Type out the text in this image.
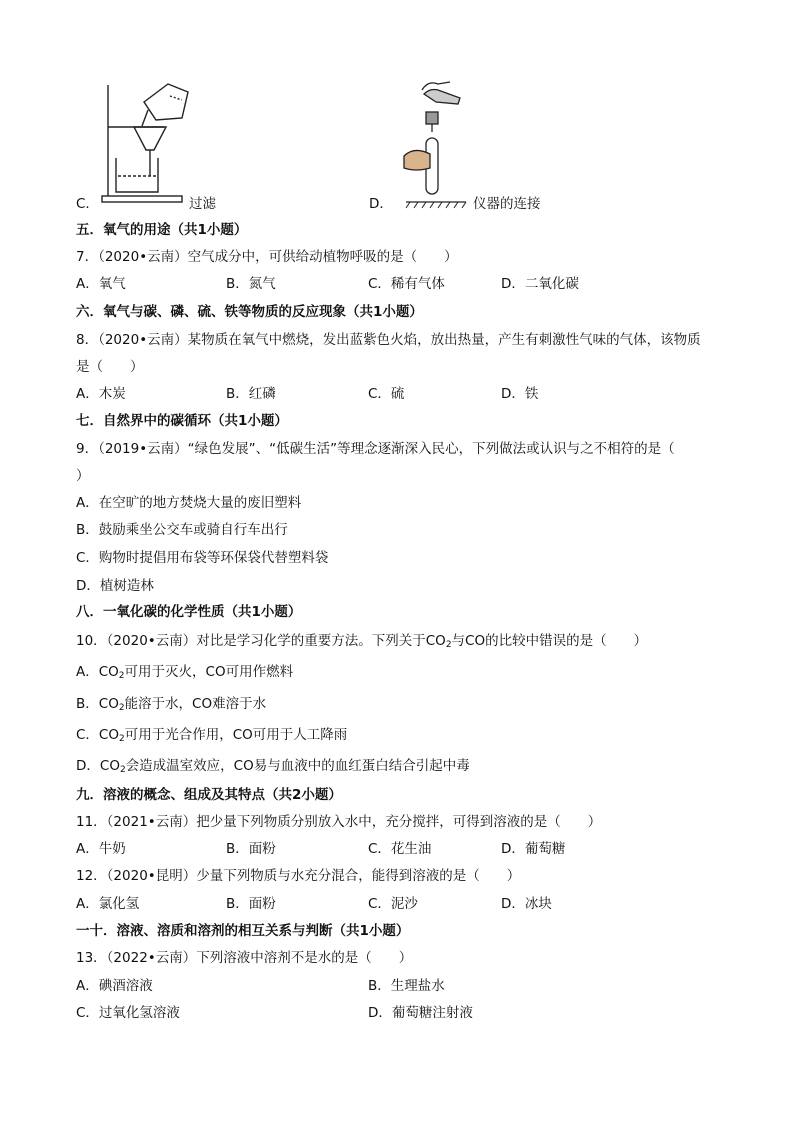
C．	过滤	D．	仪器的连接
五．氧气的用途（共1小题）
7．（2020•云南）空气成分中，可供给动植物呼吸的是（　　）
A．氧气	B．氮气	C．稀有气体	D．二氧化碳
六．氧气与碳、磷、硫、铁等物质的反应现象（共1小题）
8．（2020•云南）某物质在氧气中燃烧，发出蓝紫色火焰，放出热量，产生有刺激性气味的气体，该物质
是（　　）
A．木炭	B．红磷	C．硫	D．铁
七．自然界中的碳循环（共1小题）
9．（2019•云南）“绿色发展”、“低碳生活”等理念逐渐深入民心，下列做法或认识与之不相符的是（
）
A．在空旷的地方焚烧大量的废旧塑料
B．鼓励乘坐公交车或骑自行车出行
C．购物时提倡用布袋等环保袋代替塑料袋
D．植树造林
八．一氧化碳的化学性质（共1小题）
10．（2020•云南）对比是学习化学的重要方法。下列关于$CO_2$与CO的比较中错误的是（　　）
A．$CO_2$可用于灭火，CO可用作燃料
B．$CO_2$能溶于水，CO难溶于水
C．$CO_2$可用于光合作用，CO可用于人工降雨
D．$CO_2$会造成温室效应，CO易与血液中的血红蛋白结合引起中毒
九．溶液的概念、组成及其特点（共2小题）
11．（2021•云南）把少量下列物质分别放入水中，充分搅拌，可得到溶液的是（　　）
A．牛奶	B．面粉	C．花生油	D．葡萄糖
12．（2020•昆明）少量下列物质与水充分混合，能得到溶液的是（　　）
A．氯化氢	B．面粉	C．泥沙	D．冰块
一十．溶液、溶质和溶剂的相互关系与判断（共1小题）
13．（2022•云南）下列溶液中溶剂不是水的是（　　）
A．碘酒溶液	B．生理盐水
C．过氧化氢溶液	D．葡萄糖注射液
